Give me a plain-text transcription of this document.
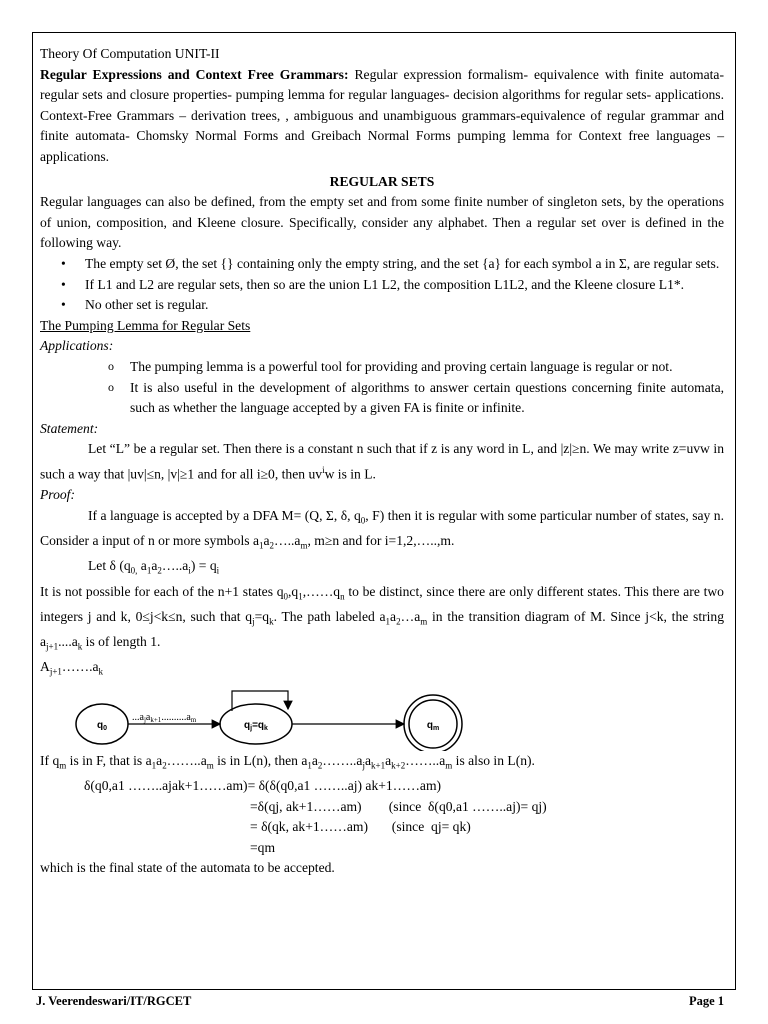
Theory Of Computation UNIT-II

Regular Expressions and Context Free Grammars: Regular expression formalism- equivalence with finite automata-regular sets and closure properties- pumping lemma for regular languages- decision algorithms for regular sets- applications. Context-Free Grammars – derivation trees, , ambiguous and unambiguous grammars-equivalence of regular grammar and finite automata- Chomsky Normal Forms and Greibach Normal Forms pumping lemma for Context free languages – applications.

REGULAR SETS

Regular languages can also be defined, from the empty set and from some finite number of singleton sets, by the operations of union, composition, and Kleene closure. Specifically, consider any alphabet. Then a regular set over is defined in the following way.

• The empty set Ø, the set {} containing only the empty string, and the set {a} for each symbol a in Σ, are regular sets.
• If L1 and L2 are regular sets, then so are the union L1 L2, the composition L1L2, and the Kleene closure L1*.
• No other set is regular.

The Pumping Lemma for Regular Sets

Applications:

o The pumping lemma is a powerful tool for providing and proving certain language is regular or not.
o It is also useful in the development of algorithms to answer certain questions concerning finite automata, such as whether the language accepted by a given FA is finite or infinite.

Statement:

Let “L” be a regular set. Then there is a constant n such that if z is any word in L, and |z|≥n. We may write z=uvw in such a way that |uv|≤n, |v|≥1 and for all i≥0, then $uv^iw$ is in L.

Proof:

If a language is accepted by a DFA M= (Q, Σ, δ, $q_0$, F) then it is regular with some particular number of states, say n. Consider a input of n or more symbols $a_1a_2\dots..a_m$, m≥n and for i=1,2,…..,m.

Let δ ($q_{0,}$ $a_1a_2\dots..a_i) = q_i$

It is not possible for each of the n+1 states $q_0,q_1,\dots\dots q_n$ to be distinct, since there are only different states. This there are two integers j and k, 0≤j<k≤n, such that $q_j=q_k$. The path labeled $a_1a_2\dots a_m$ in the transition diagram of M. Since j<k, the string $a_{j+1}....a_k$ is of length 1.

$A_{j+1}\dots\dots.a_k$

$q_0$
$...a_ja_{k+1}..........a_m$	$q_j=q_k$	$q_m$

If $q_m$ is in F, that is $a_1a_2\dots\dots..a_m$ is in L(n), then $a_1a_2\dots\dots..a_ja_{k+1}a_{k+2}\dots\dots..a_m$ is also in L(n).

δ(q0,a1 ……..ajak+1……am)= δ(δ(q0,a1 ……..aj) ak+1……am)

=δ(qj, ak+1……am)        (since  δ(q0,a1 ……..aj)= qj)

= δ(qk, ak+1……am)       (since  qj= qk)

=qm

which is the final state of the automata to be accepted.

J. Veerendeswari/IT/RGCET	Page 1
